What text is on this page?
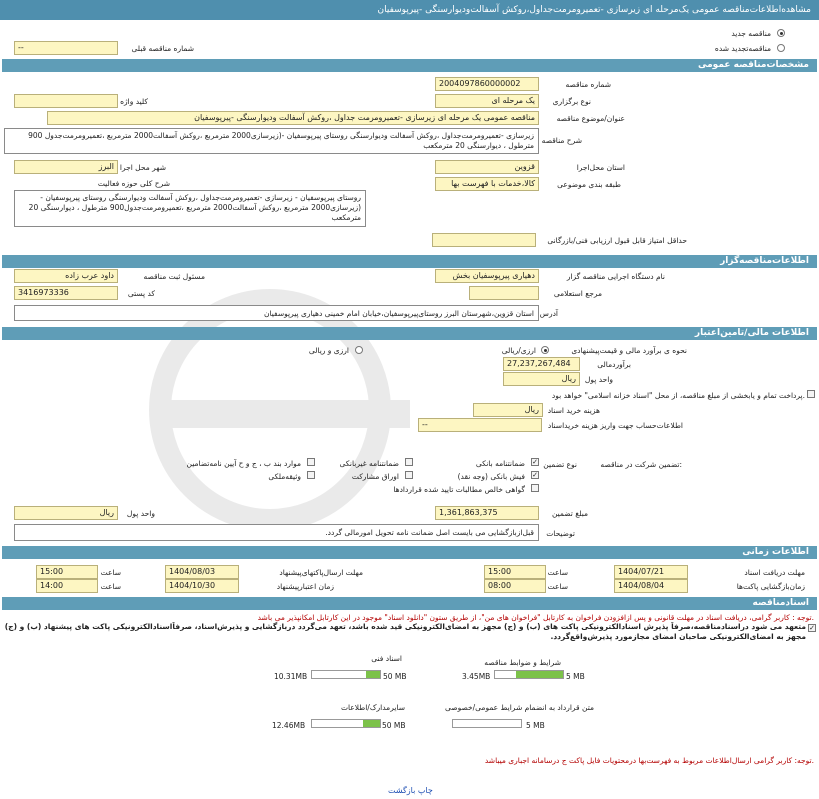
مشاهده‌اطلاعات‌مناقصه عمومی یک‌مرحله ای زیرسازی -تعمیرومرمت‌جداول،روکش آسفالت‌ودیوارسنگی -پیرپوسفیان
مناقصه جدید
مناقصه‌تجدید شده
--	شماره مناقصه قبلی
مشخصات‌مناقصه عمومی
2004097860000002	شماره مناقصه
یک مرحله ای	نوع برگزاری
کلید واژه
مناقصه عمومی یک مرحله ای زیرسازی -تعمیرومرمت جداول ،روکش آسفالت ودیوارسنگی -پیرپوسفیان	عنوان/موضوع مناقصه
زیرسازی -تعمیرومرمت‌جداول ،روکش آسفالت ودیوارسنگی روستای پیرپوسفیان -(زیرسازی2000 مترمربع ،روکش آسفالت2000 مترمربع ،تعمیرومرمت‌جدول 900 مترطول ، دیوارسنگی 20 مترمکعب
شرح مناقصه
قزوین	استان محل‌اجرا
البرز شهر محل اجرا
کالا،خدمات با فهرست بها	طبقه بندی موضوعی
شرح کلی حوزه فعالیت
روستای پیرپوسفیان - زیرسازی -تعمیرومرمت‌جداول ،روکش آسفالت ودیوارسنگی روستای پیرپوسفیان -(زیرسازی2000 مترمربع ،روکش آسفالت2000 مترمربع ،تعمیرومرمت‌جدول900 مترطول ، دیوارسنگی 20 مترمکعب
حداقل امتیاز قابل قبول ارزیابی فنی/بازرگانی
اطلاعات‌مناقصه‌گزار
دهیاری پیرپوسفیان بخش	نام دستگاه اجرایی مناقصه گزار
داود عرب زاده	مسئول ثبت مناقصه
مرجع استعلامی
3416973336	کد پستی
استان قزوین،شهرستان البرز روستای‌پیرپوسفیان،خیابان امام خمینی دهیاری پیرپوسفیان آدرس
اطلاعات مالی/تامین‌اعتبار
نحوه ی برآورد مالی و قیمت‌پیشنهادی
ارزی/ریالی
ارزی و ریالی
27,237,267,484	برآوردمالی
ریال	واحد پول
پرداخت تمام و یابخشی از مبلغ مناقصه، از محل "اسناد خزانه اسلامی" خواهد بود.
ریال	هزینه خرید اسناد
--	اطلاعات‌حساب جهت واریز هزینه خریداسناد
تضمین شرکت در مناقصه:
نوع تضمین
✓
ضمانتنامه بانکی
ضمانتنامه غیربانکی
موارد بند ب ، ج و ح آیین نامه‌تضامین
✓
فیش بانکی (وجه نقد)
اوراق مشارکت
وثیقه‌ملکی
گواهی خالص مطالبات تایید شده قراردادها
1,361,863,375	مبلغ تضمین
ریال	واحد پول
قبل‌ازبازگشایی می بایست اصل ضمانت نامه تحویل امورمالی گردد.	توضیحات
اطلاعات زمانی
1404/07/21	مهلت دریافت اسناد
15:00	ساعت
1404/08/03	مهلت ارسال‌پاکتهای‌پیشنهاد
15:00	ساعت
1404/08/04	زمان‌بازگشایی پاکت‌ها
08:00	ساعت
1404/10/30	زمان اعتبارپیشنهاد
14:00	ساعت
اسنادمناقصه
توجه : کاربر گرامی، دریافت اسناد در مهلت قانونی و پس ازافزودن فراخوان به کارتابل "فراخوان های من"، از طریق ستون "دانلود اسناد" موجود در این کارتابل امکانپذیر می باشد.
✓
متعهد می شود دراسنادمناقصه،صرفاً پذیرش اسنادالکترونیکی پاکت های (ب) و (ج) مجهز به امضای‌الکترونیکی قید شده باشد، تعهد می‌گردد دربازگشایی و پذیرش‌اسناد، صرفاً‌اسنادالکترونیکی پاکت های پیشنهاد (ب) و (ج) مجهز به امضای‌الکترونیکی صاحبان امضای مجازمورد پذیرش‌واقع‌گردد.
شرایط و ضوابط مناقصه
5 MB
3.45MB
اسناد فنی
50 MB
10.31MB
متن قرارداد به انضمام شرایط عمومی/خصوصی
5 MB
سایرمدارک/اطلاعات
50 MB
12.46MB
توجه: کاربر گرامی ارسال‌اطلاعات مربوط به فهرست‌بها درمحتویات فایل پاکت ج درسامانه اجباری میباشد.
چاپ بازگشت
